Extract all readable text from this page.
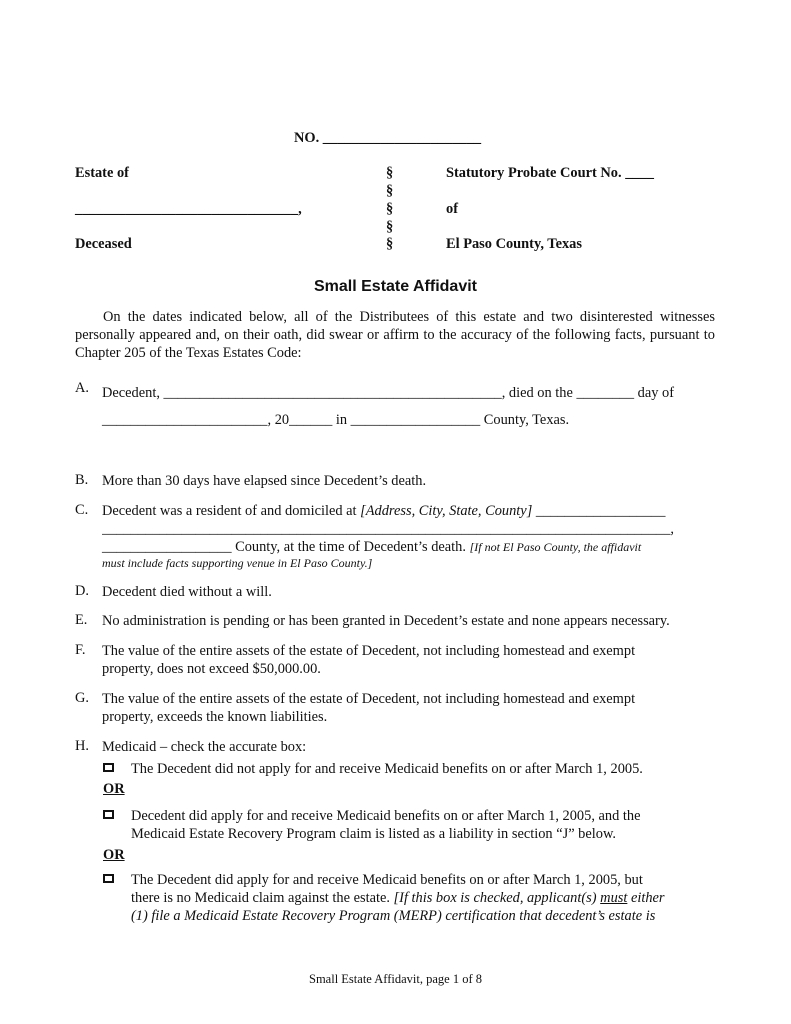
NO. ______________________
Estate of
_______________________________,
Deceased
§
§
§
§
§
Statutory Probate Court No. ____
of
El Paso County, Texas
Small Estate Affidavit
On the dates indicated below, all of the Distributees of this estate and two disinterested witnesses personally appeared and, on their oath, did swear or affirm to the accuracy of the following facts, pursuant to Chapter 205 of the Texas Estates Code:
A. Decedent, _______________________________________________, died on the ________ day of
_______________________, 20______ in __________________ County, Texas.
B. More than 30 days have elapsed since Decedent’s death.
C. Decedent was a resident of and domiciled at [Address, City, State, County] __________________
_______________________________________________________________________________,
__________________ County, at the time of Decedent’s death. [If not El Paso County, the affidavit
must include facts supporting venue in El Paso County.]
D. Decedent died without a will.
E. No administration is pending or has been granted in Decedent’s estate and none appears necessary.
F. The value of the entire assets of the estate of Decedent, not including homestead and exempt
property, does not exceed $50,000.00.
G. The value of the entire assets of the estate of Decedent, not including homestead and exempt
property, exceeds the known liabilities.
H. Medicaid – check the accurate box:
The Decedent did not apply for and receive Medicaid benefits on or after March 1, 2005.
OR
Decedent did apply for and receive Medicaid benefits on or after March 1, 2005, and the
Medicaid Estate Recovery Program claim is listed as a liability in section “J” below.
OR
The Decedent did apply for and receive Medicaid benefits on or after March 1, 2005, but
there is no Medicaid claim against the estate. [If this box is checked, applicant(s) must either
(1) file a Medicaid Estate Recovery Program (MERP) certification that decedent’s estate is
Small Estate Affidavit, page 1 of 8
